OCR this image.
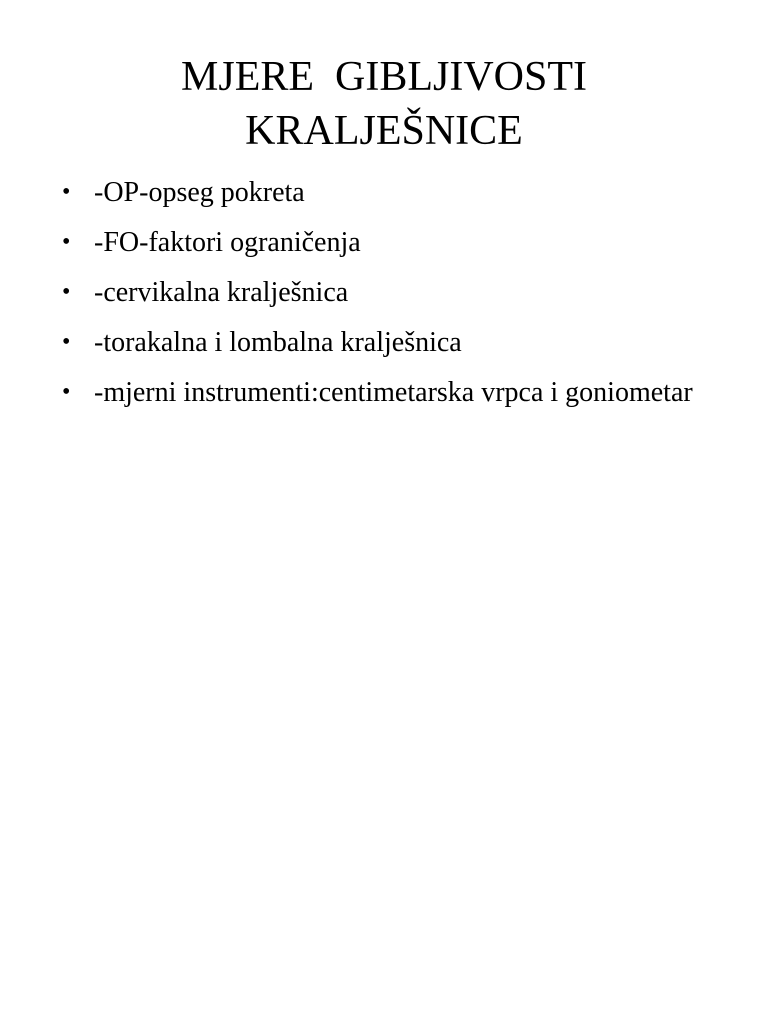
MJERE  GIBLJIVOSTI
KRALJEŠNICE
• -OP-opseg pokreta
• -FO-faktori ograničenja
• -cervikalna kralješnica
• -torakalna i lombalna kralješnica
• -mjerni instrumenti:centimetarska vrpca i goniometar
